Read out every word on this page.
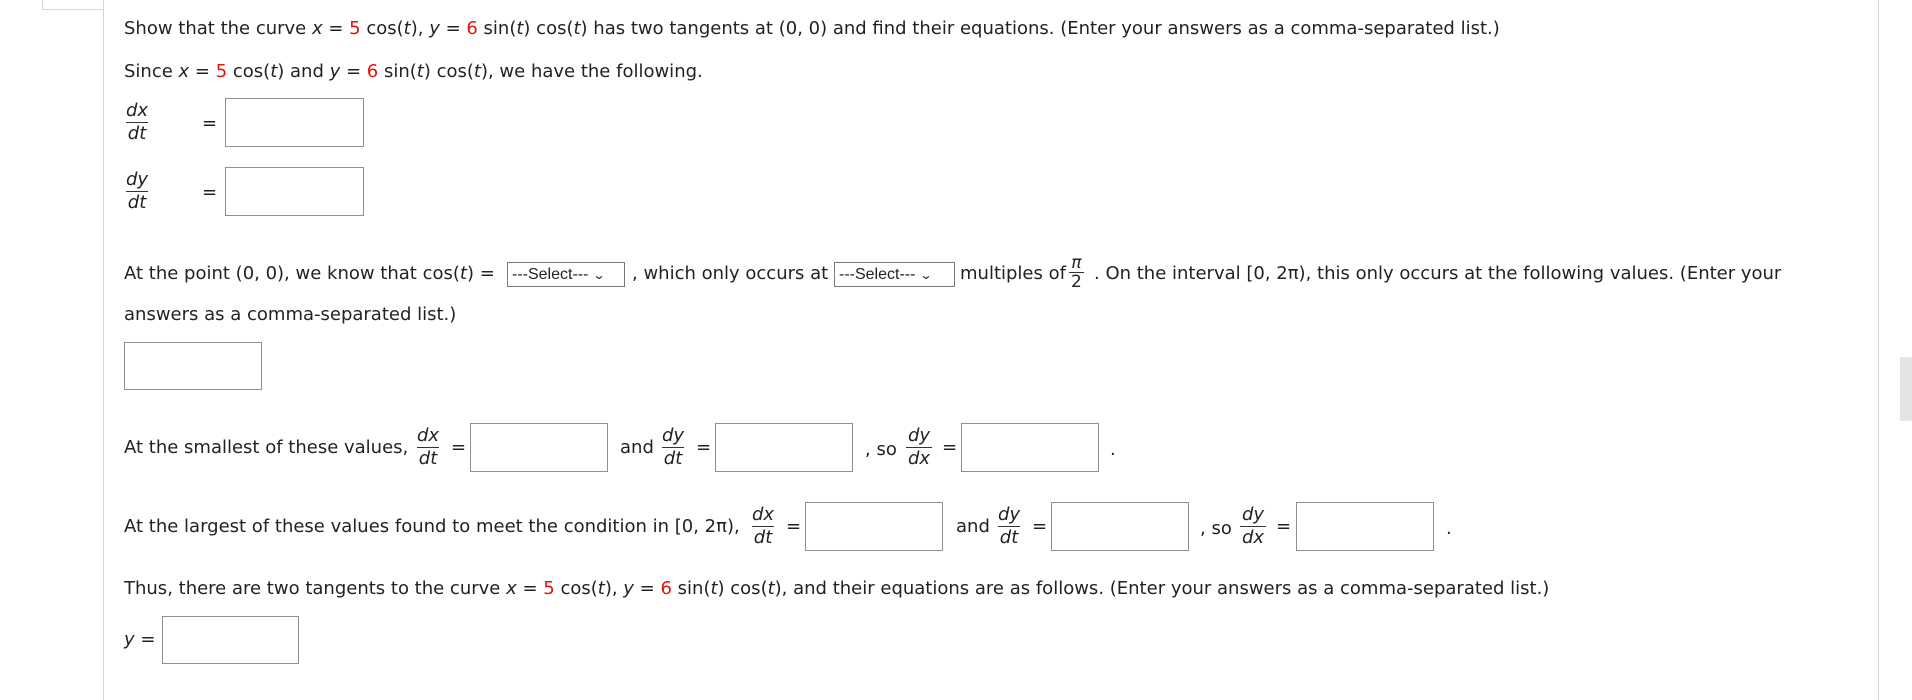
Show that the curve x = 5 cos(t), y = 6 sin(t) cos(t) has two tangents at (0, 0) and find their equations. (Enter your answers as a comma-separated list.)
Since x = 5 cos(t) and y = 6 sin(t) cos(t), we have the following.
$\frac{dx}{dt}$	=
$\frac{dy}{dt}$	=
At the point (0, 0), we know that cos(t) = ---Select--- ⌄ , which only occurs at ---Select--- ⌄ multiples of $\frac{\pi}{2}$ . On the interval [0, 2π), this only occurs at the following values. (Enter your
answers as a comma-separated list.)
At the smallest of these values, $\frac{dx}{dt}$ =	and $\frac{dy}{dt}$ =	, so $\frac{dy}{dx}$ =	.
At the largest of these values found to meet the condition in [0, 2π), $\frac{dx}{dt}$ =	and $\frac{dy}{dt}$ =	, so $\frac{dy}{dx}$ =	.
Thus, there are two tangents to the curve x = 5 cos(t), y = 6 sin(t) cos(t), and their equations are as follows. (Enter your answers as a comma-separated list.)
y =
